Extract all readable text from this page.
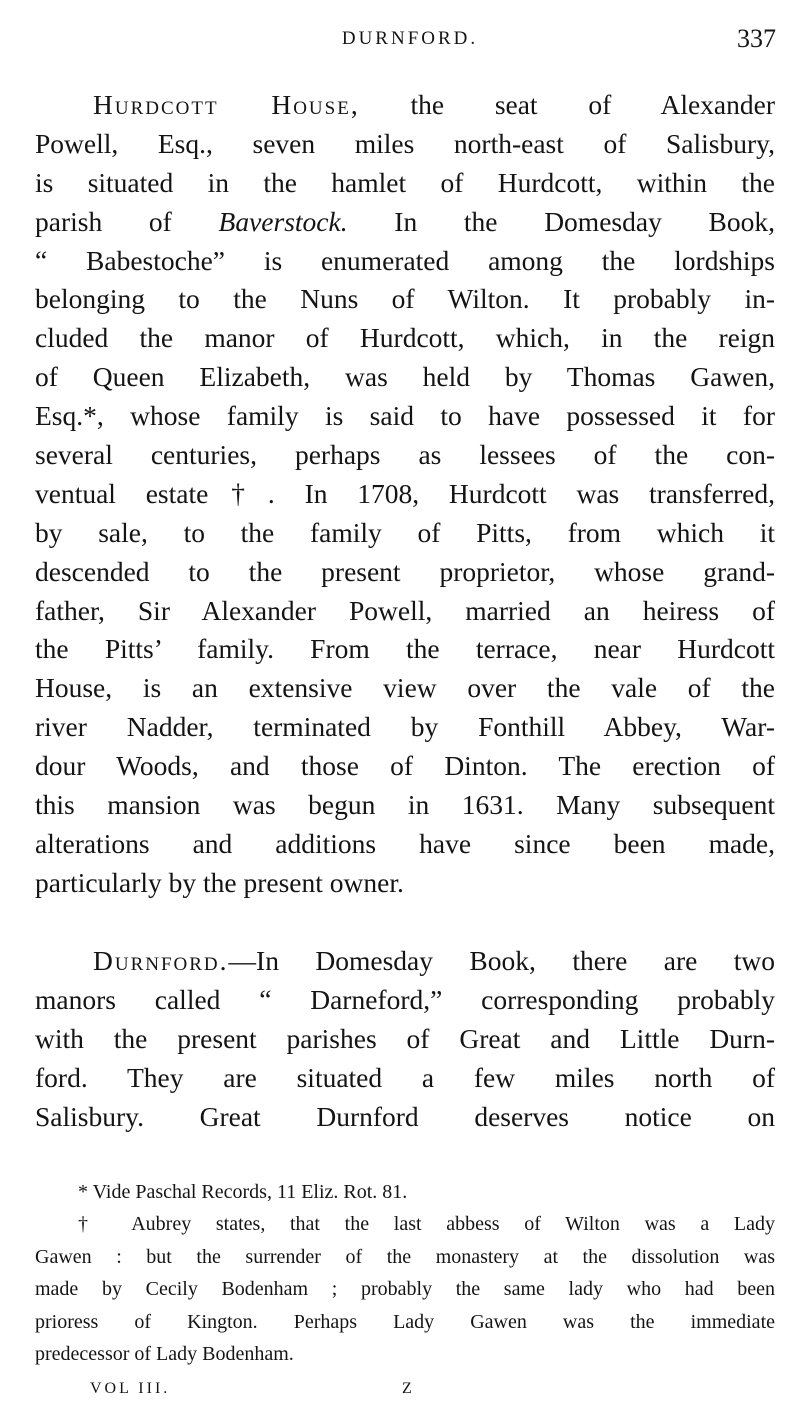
DURNFORD.	337
Hurdcott House, the seat of Alexander
Powell, Esq., seven miles north-east of Salisbury,
is situated in the hamlet of Hurdcott, within the
parish of Baverstock. In the Domesday Book,
“ Babestoche” is enumerated among the lordships
belonging to the Nuns of Wilton. It probably in-
cluded the manor of Hurdcott, which, in the reign
of Queen Elizabeth, was held by Thomas Gawen,
Esq.*, whose family is said to have possessed it for
several centuries, perhaps as lessees of the con-
ventual estate†. In 1708, Hurdcott was transferred,
by sale, to the family of Pitts, from which it
descended to the present proprietor, whose grand-
father, Sir Alexander Powell, married an heiress of
the Pitts’ family. From the terrace, near Hurdcott
House, is an extensive view over the vale of the
river Nadder, terminated by Fonthill Abbey, War-
dour Woods, and those of Dinton. The erection of
this mansion was begun in 1631. Many subsequent
alterations and additions have since been made,
particularly by the present owner.
Durnford.—In Domesday Book, there are two
manors called “ Darneford,” corresponding probably
with the present parishes of Great and Little Durn-
ford. They are situated a few miles north of
Salisbury. Great Durnford deserves notice on
* Vide Paschal Records, 11 Eliz. Rot. 81.
† Aubrey states, that the last abbess of Wilton was a Lady
Gawen : but the surrender of the monastery at the dissolution was
made by Cecily Bodenham ; probably the same lady who had been
prioress of Kington. Perhaps Lady Gawen was the immediate
predecessor of Lady Bodenham.
VOL III.	Z
